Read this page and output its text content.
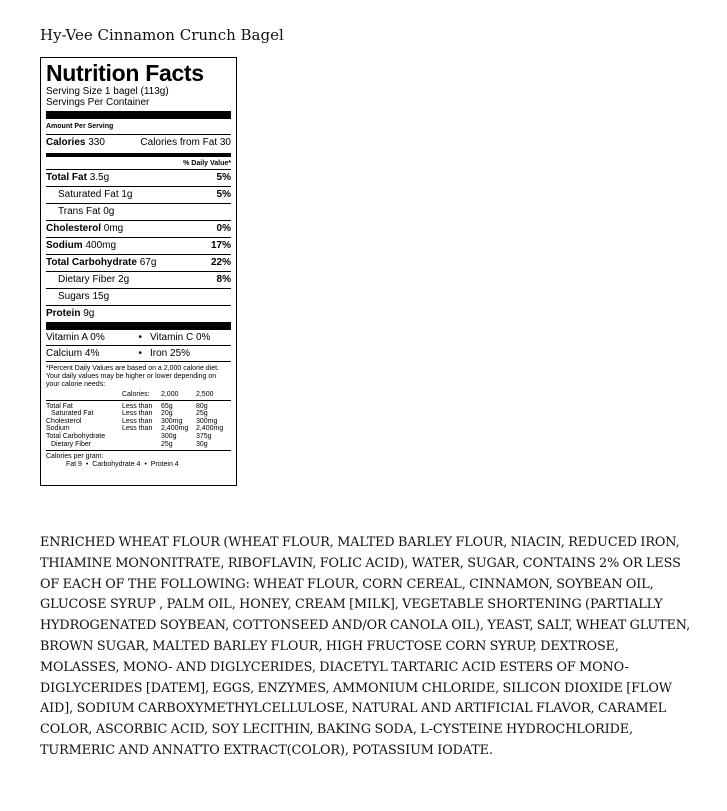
Hy-Vee Cinnamon Crunch Bagel
Nutrition Facts
Serving Size 1 bagel (113g)
Servings Per Container
Amount Per Serving
Calories 330	Calories from Fat 30
% Daily Value*
Total Fat 3.5g	5%
Saturated Fat 1g	5%
Trans Fat 0g
Cholesterol 0mg	0%
Sodium 400mg	17%
Total Carbohydrate 67g	22%
Dietary Fiber 2g	8%
Sugars 15g
Protein 9g
Vitamin A 0%	• Vitamin C 0%
Calcium 4%	• Iron 25%
*Percent Daily Values are based on a 2,000 calorie diet. Your daily values may be higher or lower depending on your calorie needs:
	Calories:	2,000	2,500
Total Fat	Less than	65g	80g
Saturated Fat	Less than	20g	25g
Cholesterol	Less than	300mg	300mg
Sodium	Less than	2,400mg	2,400mg
Total Carbohydrate		300g	375g
Dietary Fiber		25g	30g
Calories per gram:
Fat 9  •  Carbohydrate 4  •  Protein 4
ENRICHED WHEAT FLOUR (WHEAT FLOUR, MALTED BARLEY FLOUR, NIACIN, REDUCED IRON, THIAMINE MONONITRATE, RIBOFLAVIN, FOLIC ACID), WATER, SUGAR, CONTAINS 2% OR LESS OF EACH OF THE FOLLOWING: WHEAT FLOUR, CORN CEREAL, CINNAMON, SOYBEAN OIL, GLUCOSE SYRUP , PALM OIL, HONEY, CREAM [MILK], VEGETABLE SHORTENING (PARTIALLY HYDROGENATED SOYBEAN, COTTONSEED AND/OR CANOLA OIL), YEAST, SALT, WHEAT GLUTEN, BROWN SUGAR, MALTED BARLEY FLOUR, HIGH FRUCTOSE CORN SYRUP, DEXTROSE, MOLASSES, MONO- AND DIGLYCERIDES, DIACETYL TARTARIC ACID ESTERS OF MONO-DIGLYCERIDES [DATEM], EGGS, ENZYMES, AMMONIUM CHLORIDE, SILICON DIOXIDE [FLOW AID], SODIUM CARBOXYMETHYLCELLULOSE, NATURAL AND ARTIFICIAL FLAVOR, CARAMEL COLOR, ASCORBIC ACID, SOY LECITHIN, BAKING SODA, L-CYSTEINE HYDROCHLORIDE, TURMERIC AND ANNATTO EXTRACT(COLOR), POTASSIUM IODATE.
